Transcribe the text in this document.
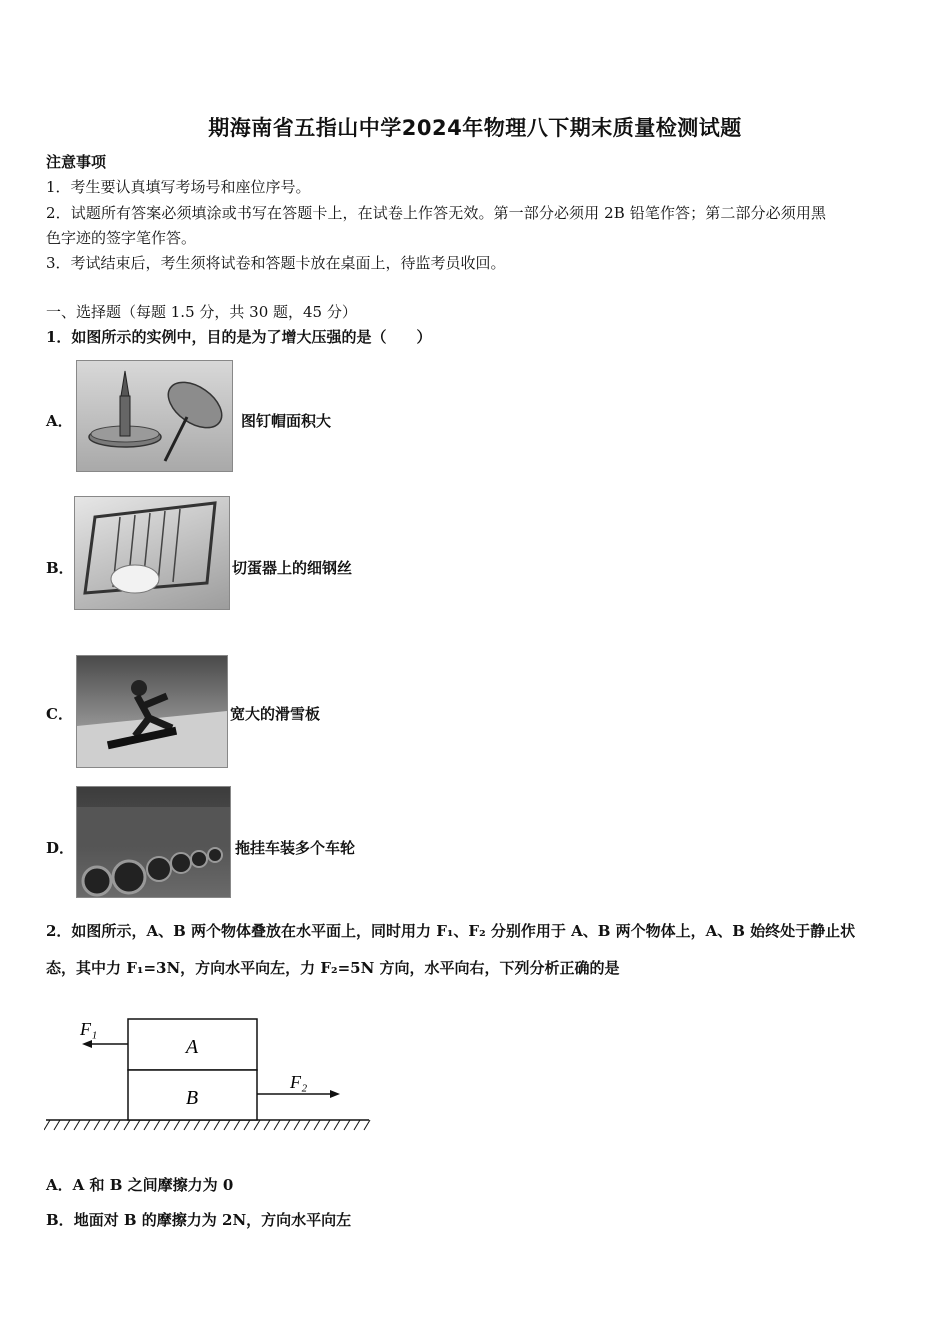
期海南省五指山中学2024年物理八下期末质量检测试题
注意事项
1．考生要认真填写考场号和座位序号。
2．试题所有答案必须填涂或书写在答题卡上，在试卷上作答无效。第一部分必须用 2B 铅笔作答；第二部分必须用黑
色字迹的签字笔作答。
3．考试结束后，考生须将试卷和答题卡放在桌面上，待监考员收回。
一、选择题（每题 1.5 分，共 30 题，45 分）
1．如图所示的实例中，目的是为了增大压强的是（　　）
A．	图钉帽面积大
B．	切蛋器上的细钢丝
C．	宽大的滑雪板
D．	拖挂车装多个车轮
2．如图所示，A、B 两个物体叠放在水平面上，同时用力 F₁、F₂ 分别作用于 A、B 两个物体上，A、B 始终处于静止状
态，其中力 F₁=3N，方向水平向左，力 F₂=5N 方向，水平向右，下列分析正确的是
A
B
F₁
F₂
A．A 和 B 之间摩擦力为 0
B．地面对 B 的摩擦力为 2N，方向水平向左
